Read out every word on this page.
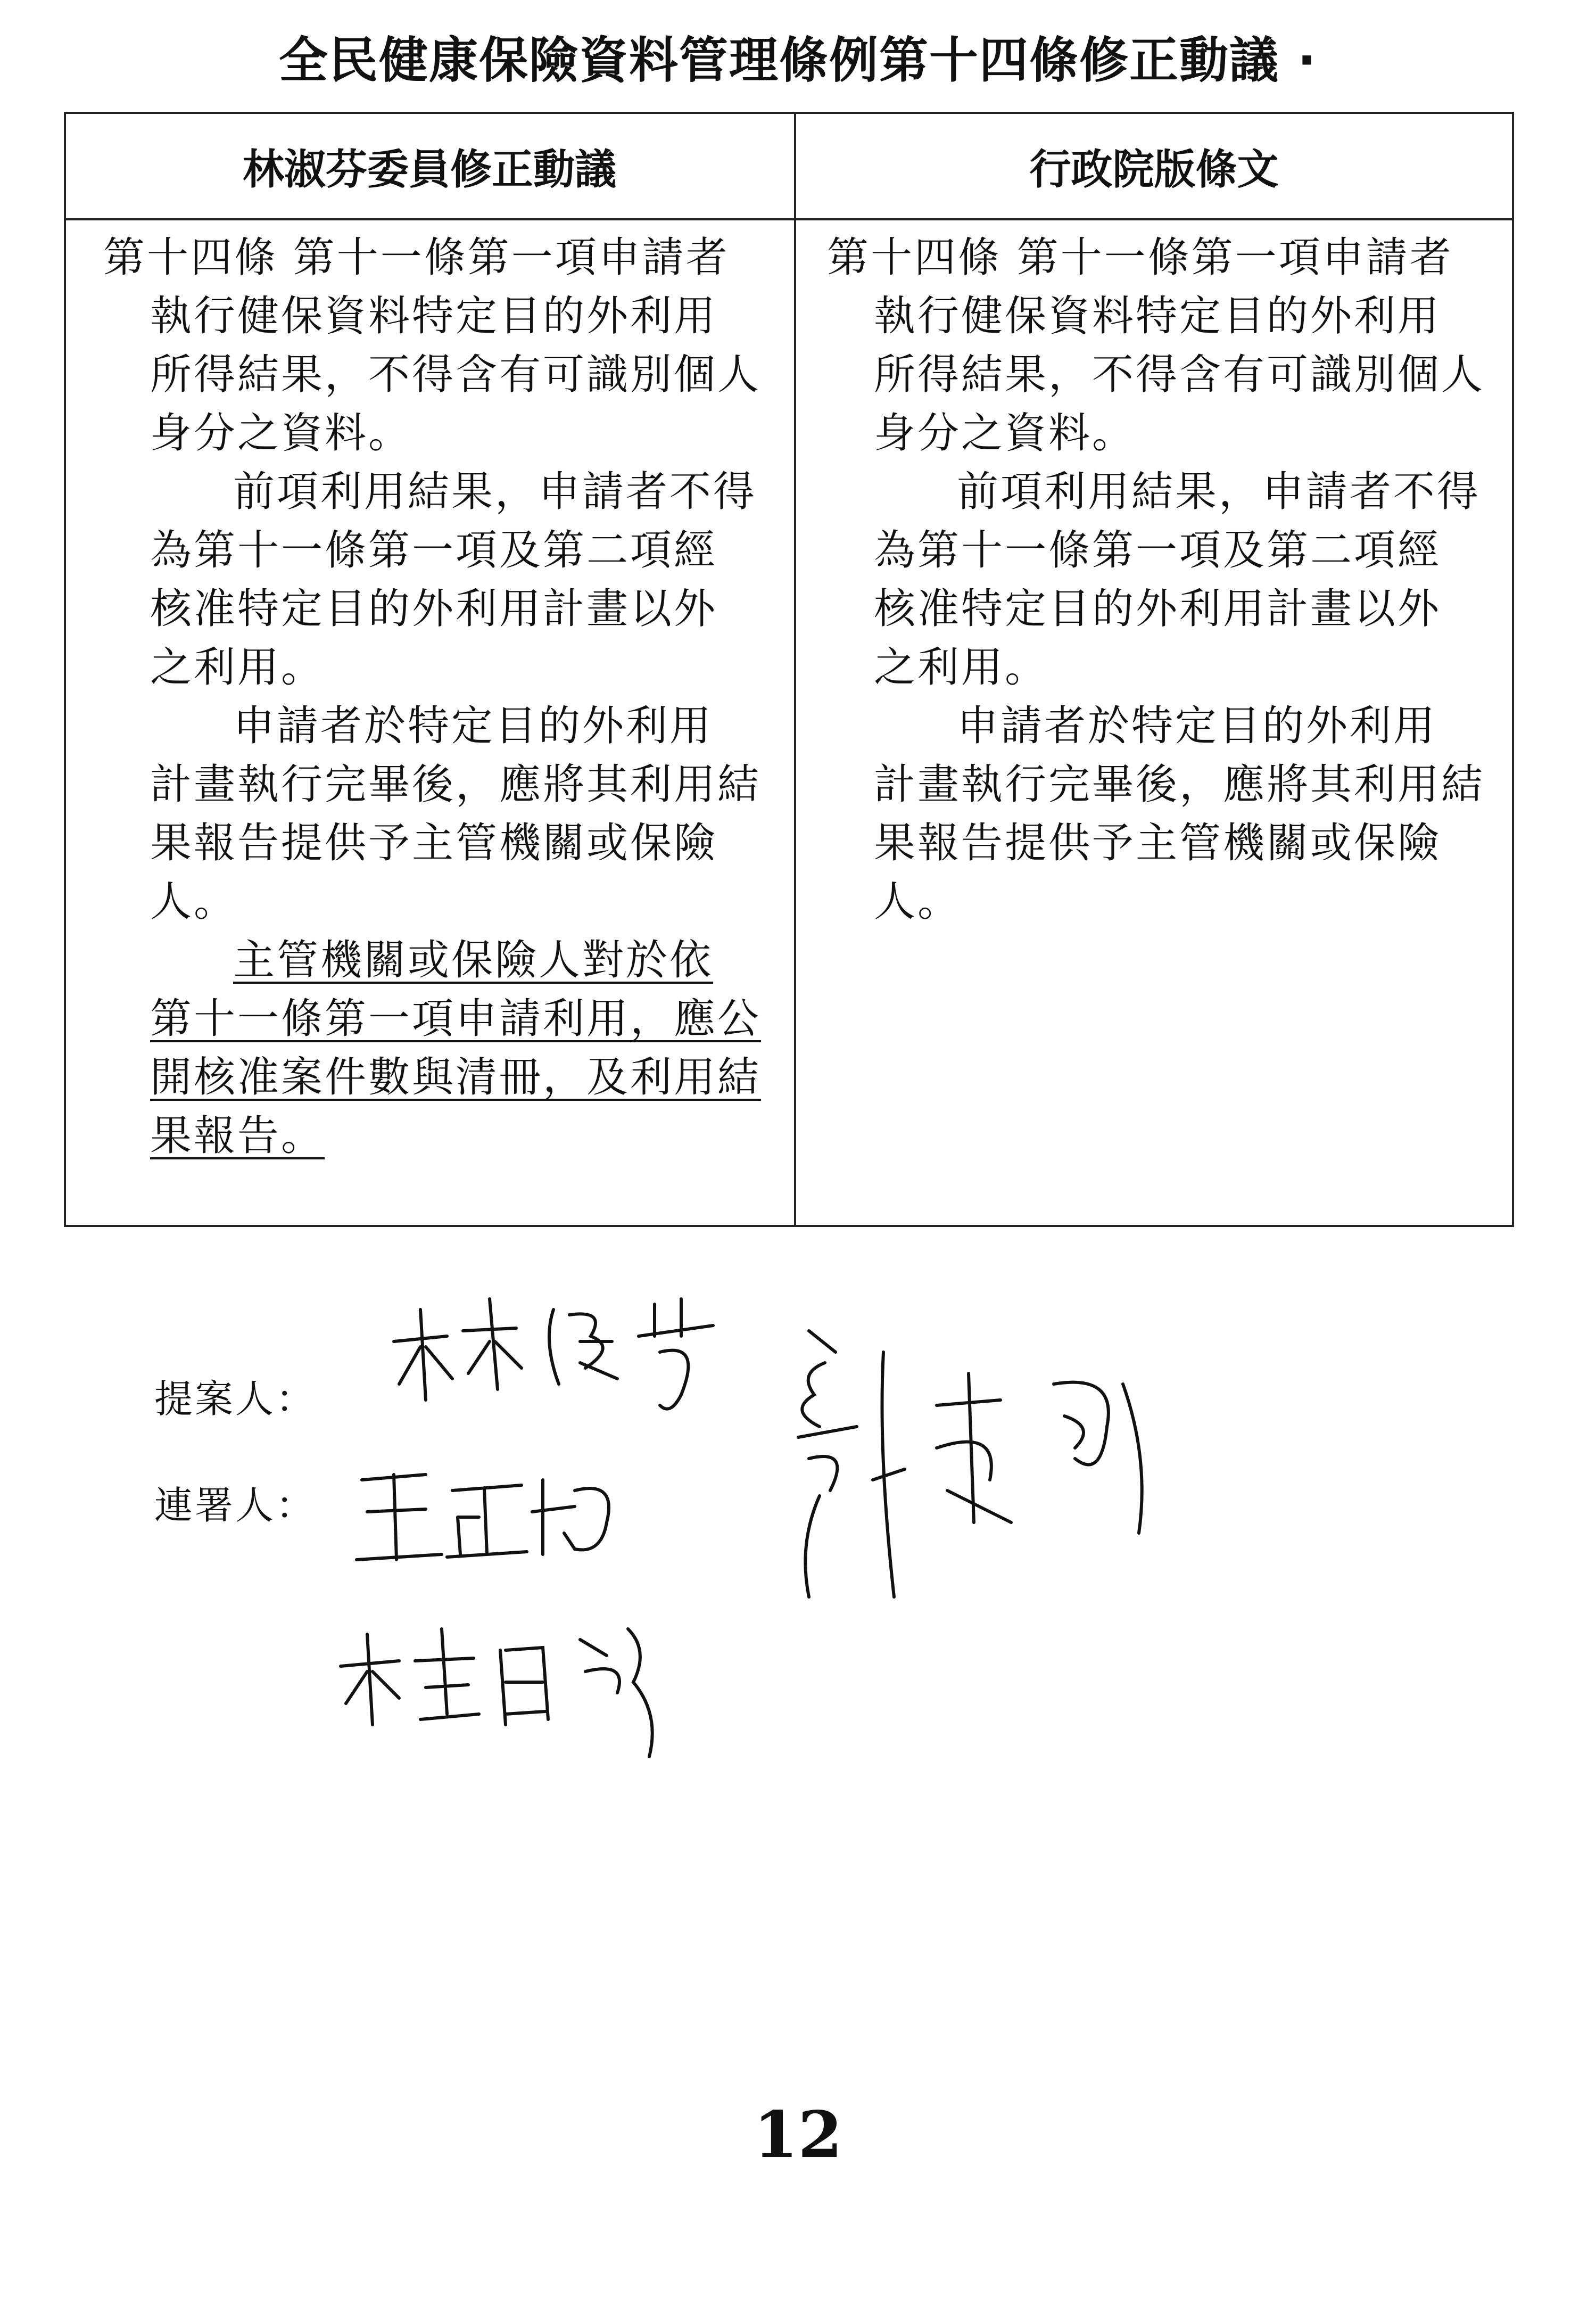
全民健康保險資料管理條例第十四條修正動議 ·
林淑芬委員修正動議	行政院版條文
第十四條 第十一條第一項申請者
執行健保資料特定目的外利用
所得結果，不得含有可識別個人
身分之資料。
前項利用結果，申請者不得
為第十一條第一項及第二項經
核准特定目的外利用計畫以外
之利用。
申請者於特定目的外利用
計畫執行完畢後，應將其利用結
果報告提供予主管機關或保險
人。
主管機關或保險人對於依
第十一條第一項申請利用，應公
開核准案件數與清冊，及利用結
果報告。
第十四條 第十一條第一項申請者
執行健保資料特定目的外利用
所得結果，不得含有可識別個人
身分之資料。
前項利用結果，申請者不得
為第十一條第一項及第二項經
核准特定目的外利用計畫以外
之利用。
申請者於特定目的外利用
計畫執行完畢後，應將其利用結
果報告提供予主管機關或保險
人。
提案人：
連署人：
12
